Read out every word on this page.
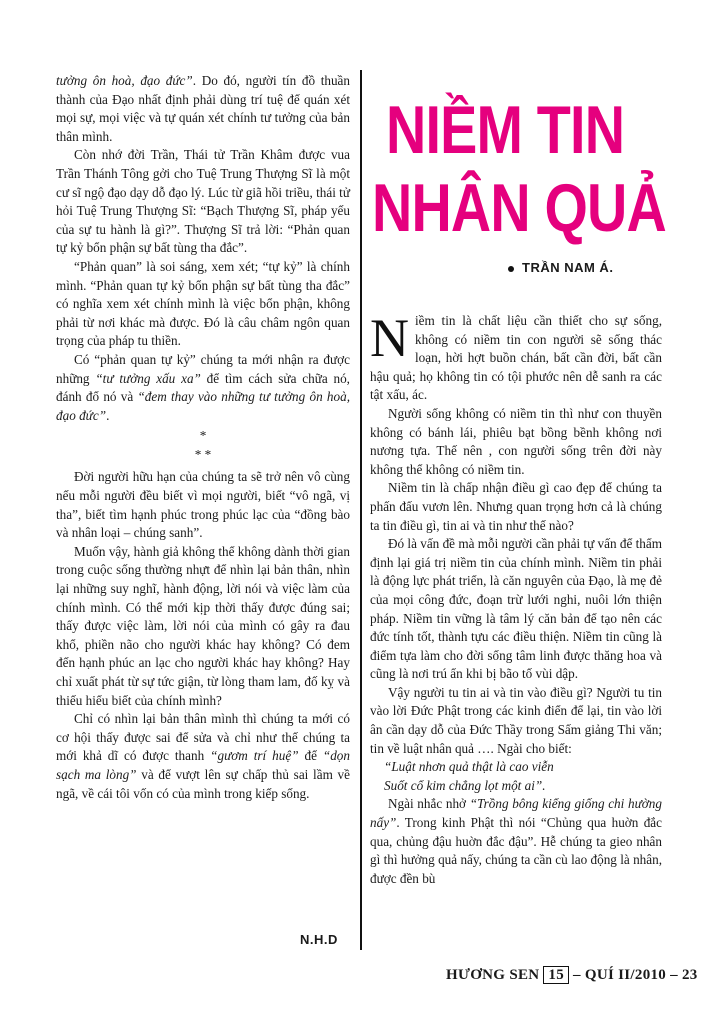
tưởng ôn hoà, đạo đức”. Do đó, người tín đồ thuần thành của Đạo nhất định phải dùng trí tuệ để quán xét mọi sự, mọi việc và tự quán xét chính tư tưởng của bản thân mình.

Còn nhớ đời Trần, Thái tử Trần Khâm được vua Trần Thánh Tông gởi cho Tuệ Trung Thượng Sĩ là một cư sĩ ngộ đạo dạy dỗ đạo lý. Lúc từ giã hồi triều, thái tử hỏi Tuệ Trung Thượng Sĩ: “Bạch Thượng Sĩ, pháp yếu của sự tu hành là gì?”. Thượng Sĩ trả lời: “Phản quan tự kỷ bổn phận sự bất tùng tha đắc”.

“Phản quan” là soi sáng, xem xét; “tự kỷ” là chính mình. “Phản quan tự kỷ bổn phận sự bất tùng tha đắc” có nghĩa xem xét chính mình là việc bổn phận, không phải từ nơi khác mà được. Đó là câu châm ngôn quan trọng của pháp tu thiền.

Có “phản quan tự kỷ” chúng ta mới nhận ra được những “tư tưởng xấu xa” để tìm cách sửa chữa nó, đánh đổ nó và “đem thay vào những tư tưởng ôn hoà, đạo đức”.

*

* *

Đời người hữu hạn của chúng ta sẽ trở nên vô cùng nếu mỗi người đều biết vì mọi người, biết “vô ngã, vị tha”, biết tìm hạnh phúc trong phúc lạc của “đồng bào và nhân loại – chúng sanh”.

Muốn vậy, hành giả không thể không dành thời gian trong cuộc sống thường nhựt để nhìn lại bản thân, nhìn lại những suy nghĩ, hành động, lời nói và việc làm của chính mình. Có thể mới kịp thời thấy được đúng sai; thấy được việc làm, lời nói của mình có gây ra đau khổ, phiền não cho người khác hay không? Có đem đến hạnh phúc an lạc cho người khác hay không? Hay chỉ xuất phát từ sự tức giận, từ lòng tham lam, đố kỵ và thiếu hiểu biết của chính mình?

Chỉ có nhìn lại bản thân mình thì chúng ta mới có cơ hội thấy được sai để sửa và chỉ như thế chúng ta mới khả dĩ có được thanh “gươm trí huệ” để “dọn sạch ma lòng” và để vượt lên sự chấp thủ sai lầm về ngã, về cái tôi vốn có của mình trong kiếp sống.

N.H.D
NIỀM TIN
NHÂN QUẢ
TRẦN NAM Á.

Niềm tin là chất liệu cần thiết cho sự sống, không có niềm tin con người sẽ sống thác loạn, hời hợt buồn chán, bất cần đời, bất cần hậu quả; họ không tin có tội phước nên dễ sanh ra các tật xấu, ác.

Người sống không có niềm tin thì như con thuyền không có bánh lái, phiêu bạt bồng bềnh không nơi nương tựa. Thế nên , con người sống trên đời này không thể không có niềm tin.

Niềm tin là chấp nhận điều gì cao đẹp để chúng ta phấn đấu vươn lên. Nhưng quan trọng hơn cả là chúng ta tin điều gì, tin ai và tin như thế nào?

Đó là vấn đề mà mỗi người cần phải tự vấn để thẩm định lại giá trị niềm tin của chính mình. Niềm tin phải là động lực phát triển, là căn nguyên của Đạo, là mẹ đẻ của mọi công đức, đoạn trừ lưới nghi, nuôi lớn thiện pháp. Niềm tin vững là tâm lý căn bản để tạo nên các đức tính tốt, thành tựu các điều thiện. Niềm tin cũng là điểm tựa làm cho đời sống tâm linh được thăng hoa và cũng là nơi trú ẩn khi bị bão tố vùi dập.

Vậy người tu tin ai và tin vào điều gì? Người tu tin vào lời Đức Phật trong các kinh điển để lại, tin vào lời ân cần dạy dỗ của Đức Thầy trong Sấm giảng Thi văn; tin về luật nhân quả …. Ngài cho biết:

“Luật nhơn quả thật là cao viễn

Suốt cổ kim chẳng lọt một ai”.

Ngài nhắc nhở “Trồng bông kiểng giống chi hường nấy”. Trong kinh Phật thì nói “Chủng qua huờn đắc qua, chủng đậu huờn đắc đậu”. Hễ chúng ta gieo nhân gì thì hưởng quả nấy, chúng ta cần cù lao động là nhân, được đền bù

HƯƠNG SEN 15 – QUÍ II/2010 – 23
